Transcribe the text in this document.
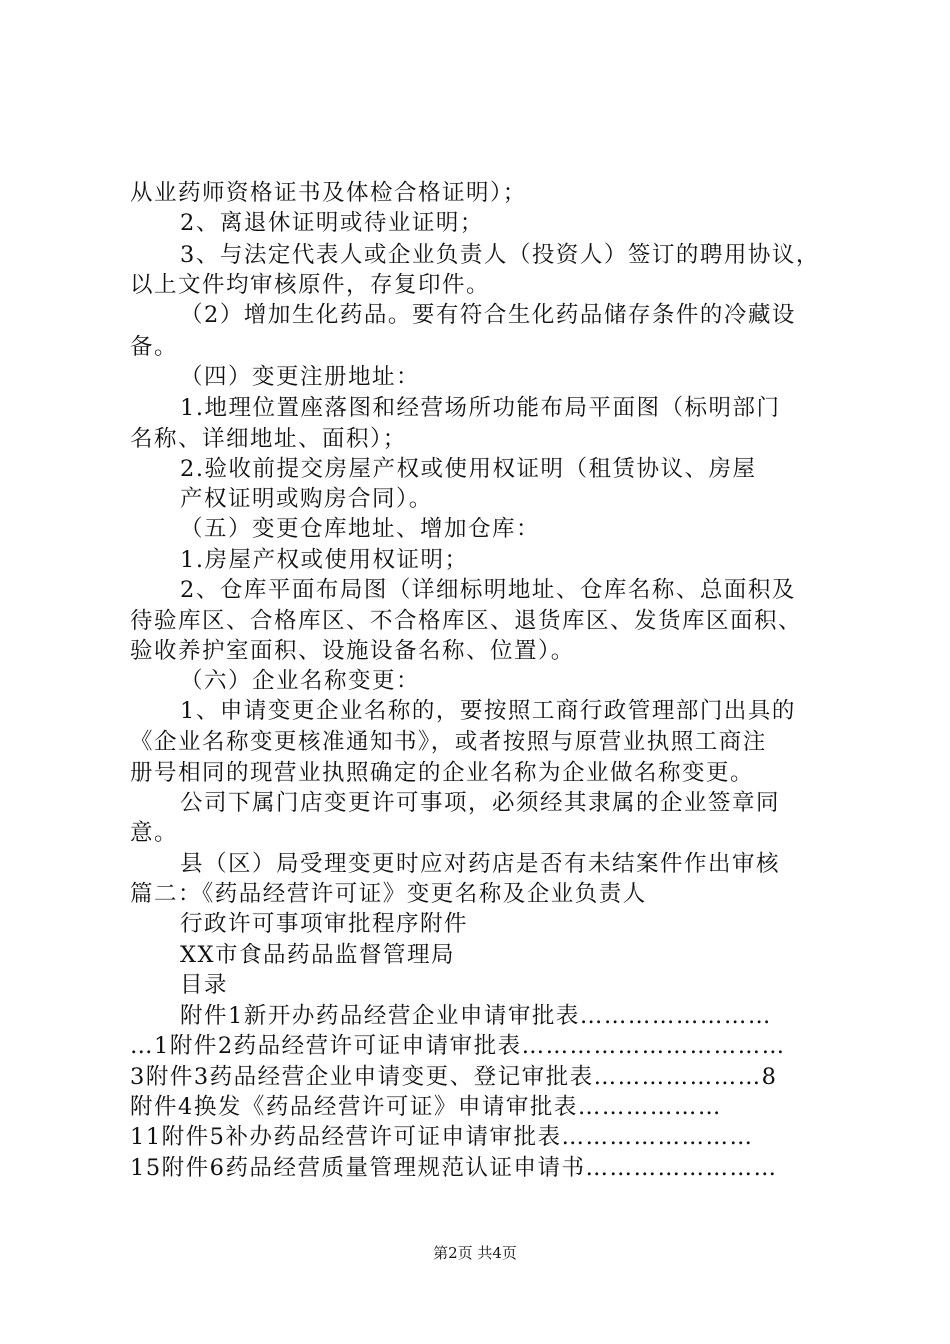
从业药师资格证书及体检合格证明）；
2、离退休证明或待业证明；
3、与法定代表人或企业负责人（投资人）签订的聘用协议，
以上文件均审核原件，存复印件。
（2）增加生化药品。要有符合生化药品储存条件的冷藏设
备。
（四）变更注册地址：
1.地理位置座落图和经营场所功能布局平面图（标明部门
名称、详细地址、面积）；
2.验收前提交房屋产权或使用权证明（租赁协议、房屋
产权证明或购房合同）。
（五）变更仓库地址、增加仓库：
1.房屋产权或使用权证明；
2、仓库平面布局图（详细标明地址、仓库名称、总面积及
待验库区、合格库区、不合格库区、退货库区、发货库区面积、
验收养护室面积、设施设备名称、位置）。
（六）企业名称变更：
1、申请变更企业名称的，要按照工商行政管理部门出具的
《企业名称变更核准通知书》，或者按照与原营业执照工商注
册号相同的现营业执照确定的企业名称为企业做名称变更。
公司下属门店变更许可事项，必须经其隶属的企业签章同
意。
县（区）局受理变更时应对药店是否有未结案件作出审核
篇二：《药品经营许可证》变更名称及企业负责人
行政许可事项审批程序附件
XX市食品药品监督管理局
目录
附件1新开办药品经营企业申请审批表……………………
…1附件2药品经营许可证申请审批表……………………………
3附件3药品经营企业申请变更、登记审批表…………………8
附件4换发《药品经营许可证》申请审批表………………
11附件5补办药品经营许可证申请审批表……………………
15附件6药品经营质量管理规范认证申请书……………………
第2页 共4页
